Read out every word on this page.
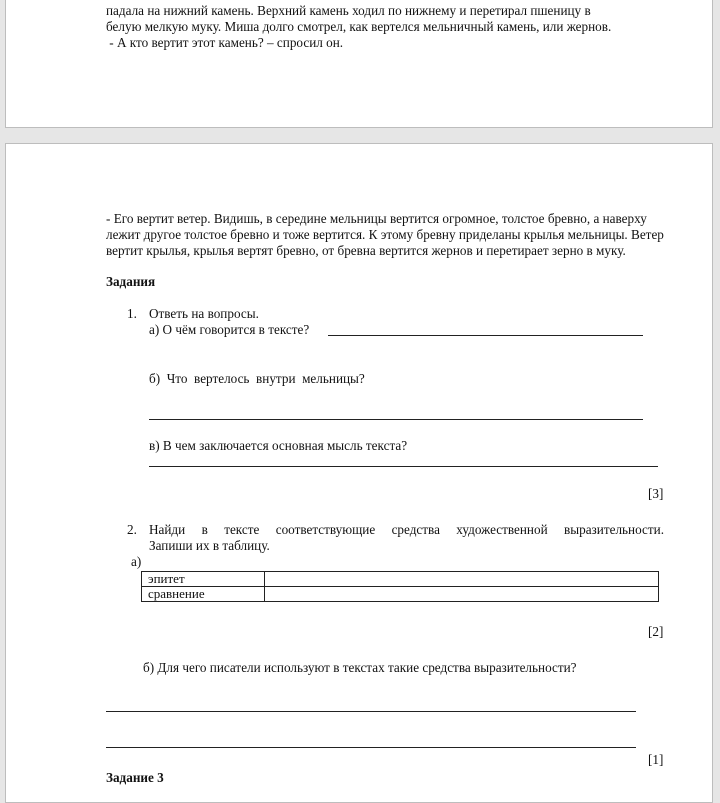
падала на нижний камень. Верхний камень ходил по нижнему и перетирал пшеницу в
белую мелкую муку. Миша долго смотрел, как вертелся мельничный камень, или жернов.
- А кто вертит этот камень? – спросил он.
- Его вертит ветер. Видишь, в середине мельницы вертится огромное, толстое бревно, а наверху лежит другое толстое бревно и тоже вертится. К этому бревну приделаны крылья мельницы. Ветер вертит крылья, крылья вертят бревно, от бревна вертится жернов и перетирает зерно в муку.
Задания
1. Ответь на вопросы.
а) О чём говорится в тексте?
б)  Что  вертелось  внутри  мельницы?
в) В чем заключается основная мысль текста?
[3]
2. Найди в тексте соответствующие средства художественной выразительности.
Запиши их в таблицу.
а)
эпитет	
сравнение	
[2]
б) Для чего писатели используют в текстах такие средства выразительности?
[1]
Задание 3
